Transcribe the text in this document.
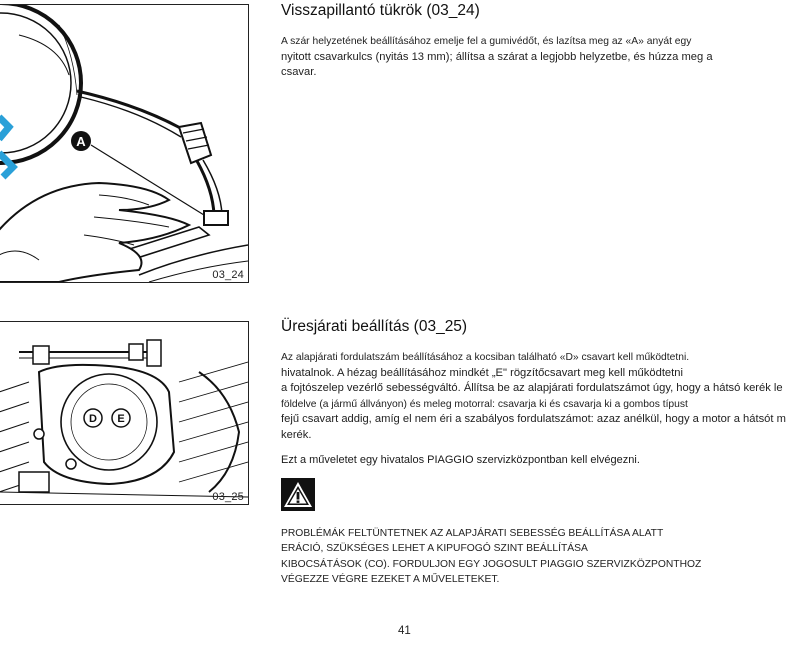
A
03_24
D E
03_25
Visszapillantó tükrök (03_24)
A szár helyzetének beállításához emelje fel a gumivédőt, és lazítsa meg az «A» anyát egy
nyitott csavarkulcs (nyitás 13 mm); állítsa a szárat a legjobb helyzetbe, és húzza meg a
csavar.
Üresjárati beállítás (03_25)
Az alapjárati fordulatszám beállításához a kocsiban található «D» csavart kell működtetni.
hivatalnok. A hézag beállításához mindkét „E" rögzítőcsavart meg kell működtetni
a fojtószelep vezérlő sebességváltó. Állítsa be az alapjárati fordulatszámot úgy, hogy a hátsó kerék le
földelve (a jármű állványon) és meleg motorral: csavarja ki és csavarja ki a gombos típust
fejű csavart addig, amíg el nem éri a szabályos fordulatszámot: azaz anélkül, hogy a motor a hátsót m
kerék.
Ezt a műveletet egy hivatalos PIAGGIO szervizközpontban kell elvégezni.
PROBLÉMÁK FELTÜNTETNEK AZ ALAPJÁRATI SEBESSÉG BEÁLLÍTÁSA ALATT
ERÁCIÓ, SZÜKSÉGES LEHET A KIPUFOGÓ SZINT BEÁLLÍTÁSA
KIBOCSÁTÁSOK (CO). FORDULJON EGY JOGOSULT PIAGGIO SZERVIZKÖZPONTHOZ
VÉGEZZE VÉGRE EZEKET A MŰVELETEKET.
41
